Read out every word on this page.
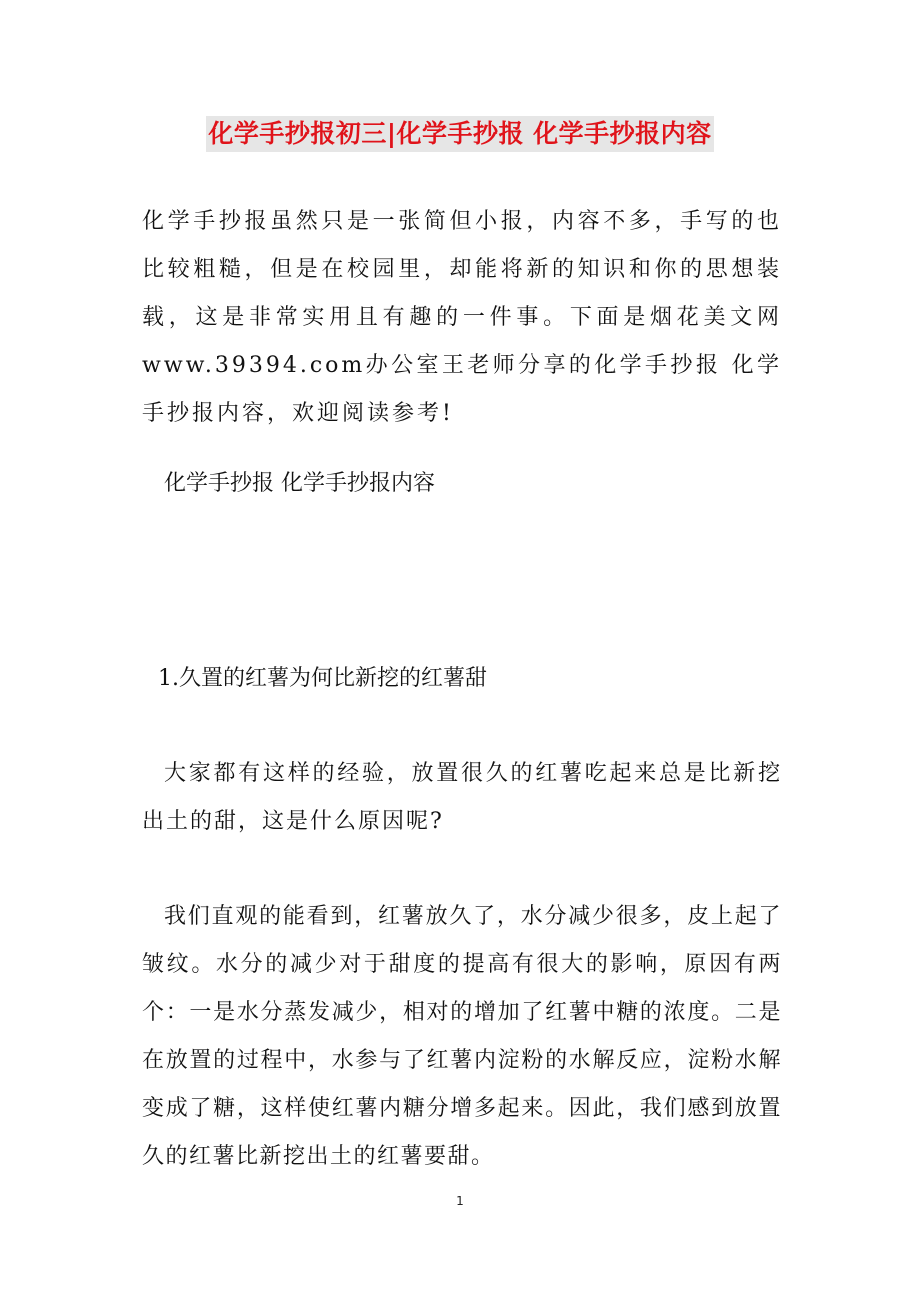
化学手抄报初三|化学手抄报 化学手抄报内容

化学手抄报虽然只是一张简但小报，内容不多，手写的也比较粗糙，但是在校园里，却能将新的知识和你的思想装载，这是非常实用且有趣的一件事。下面是烟花美文网www.39394.com办公室王老师分享的化学手抄报 化学手抄报内容，欢迎阅读参考!

化学手抄报 化学手抄报内容

1.久置的红薯为何比新挖的红薯甜

大家都有这样的经验，放置很久的红薯吃起来总是比新挖出土的甜，这是什么原因呢?

我们直观的能看到，红薯放久了，水分减少很多，皮上起了皱纹。水分的减少对于甜度的提高有很大的影响，原因有两个：一是水分蒸发减少，相对的增加了红薯中糖的浓度。二是在放置的过程中，水参与了红薯内淀粉的水解反应，淀粉水解变成了糖，这样使红薯内糖分增多起来。因此，我们感到放置久的红薯比新挖出土的红薯要甜。

1
